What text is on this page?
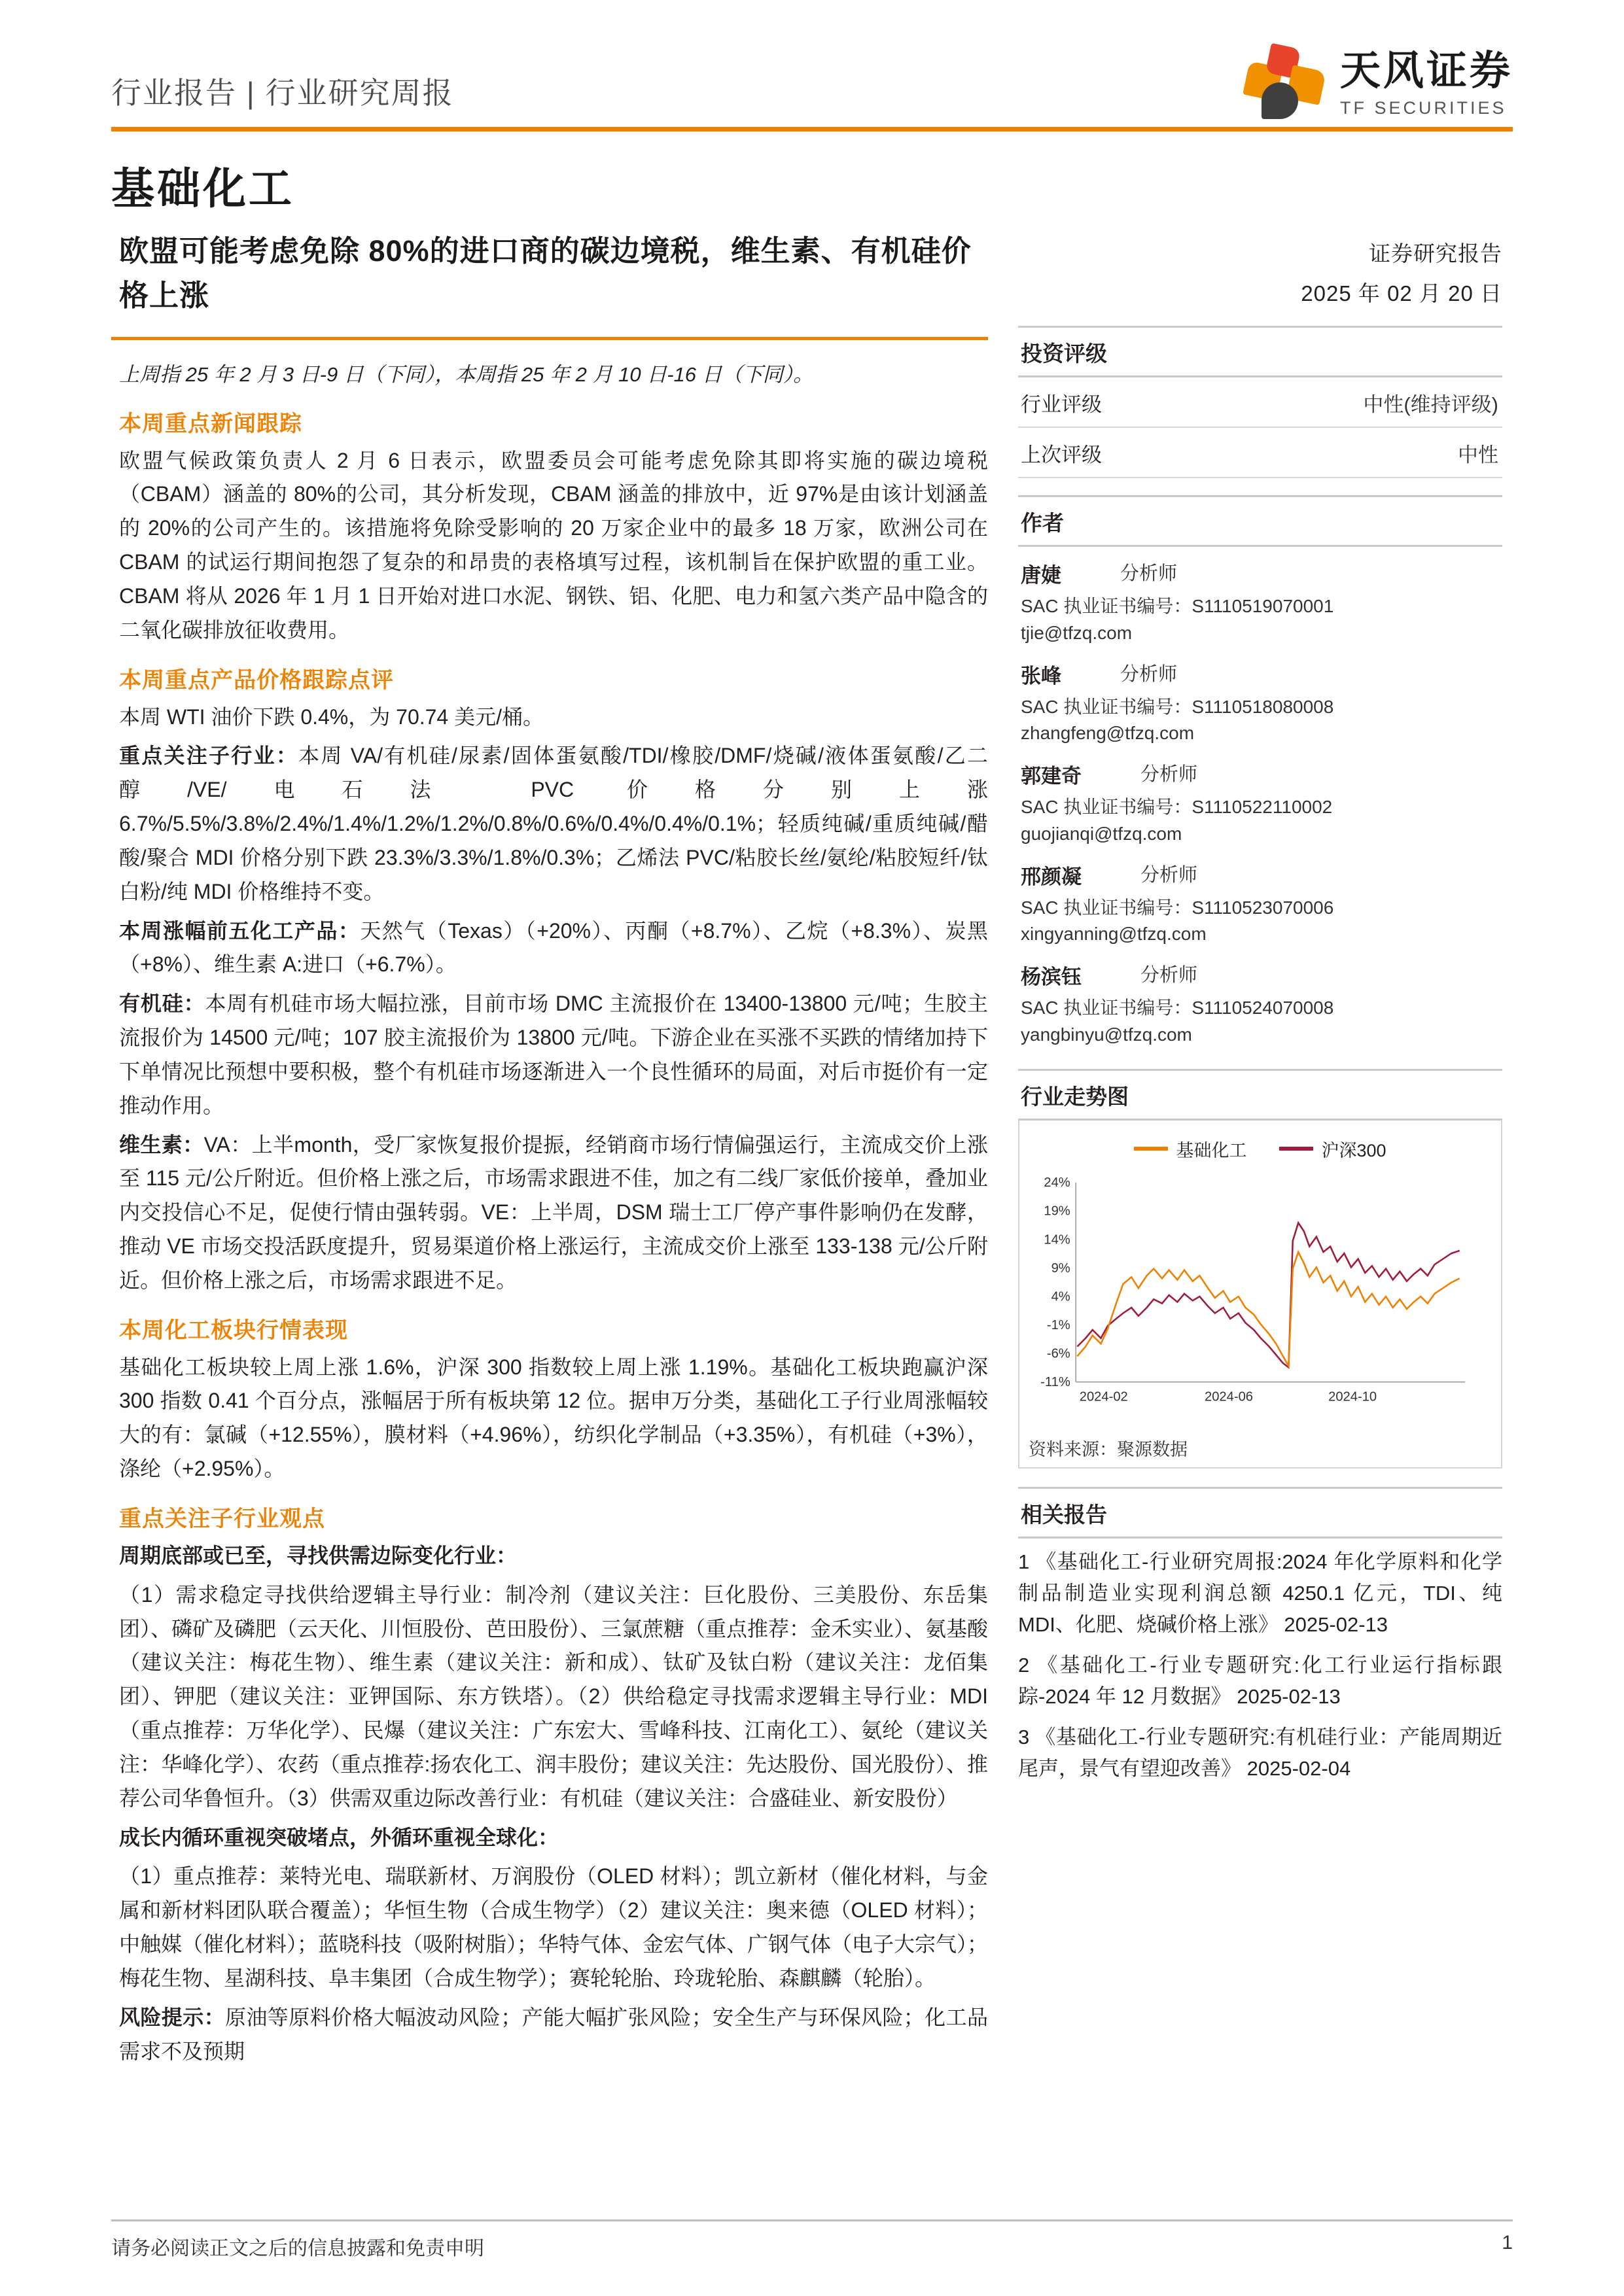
行业报告 | 行业研究周报	天风证券
TF SECURITIES
基础化工
欧盟可能考虑免除 80%的进口商的碳边境税，维生素、有机硅价格上涨
上周指 25 年 2 月 3 日-9 日（下同），本周指 25 年 2 月 10 日-16 日（下同）。
本周重点新闻跟踪

欧盟气候政策负责人 2 月 6 日表示，欧盟委员会可能考虑免除其即将实施的碳边境税（CBAM）涵盖的 80%的公司，其分析发现，CBAM 涵盖的排放中，近 97%是由该计划涵盖的 20%的公司产生的。该措施将免除受影响的 20 万家企业中的最多 18 万家，欧洲公司在 CBAM 的试运行期间抱怨了复杂的和昂贵的表格填写过程，该机制旨在保护欧盟的重工业。CBAM 将从 2026 年 1 月 1 日开始对进口水泥、钢铁、铝、化肥、电力和氢六类产品中隐含的二氧化碳排放征收费用。

本周重点产品价格跟踪点评

本周 WTI 油价下跌 0.4%，为 70.74 美元/桶。

重点关注子行业：本周 VA/有机硅/尿素/固体蛋氨酸/TDI/橡胶/DMF/烧碱/液体蛋氨酸/乙二醇/VE/电石法 PVC 价格分别上涨 6.7%/5.5%/3.8%/2.4%/1.4%/1.2%/1.2%/0.8%/0.6%/0.4%/0.4%/0.1%；轻质纯碱/重质纯碱/醋酸/聚合 MDI 价格分别下跌 23.3%/3.3%/1.8%/0.3%；乙烯法 PVC/粘胶长丝/氨纶/粘胶短纤/钛白粉/纯 MDI 价格维持不变。

本周涨幅前五化工产品：天然气（Texas）（+20%）、丙酮（+8.7%）、乙烷（+8.3%）、炭黑（+8%）、维生素 A:进口（+6.7%）。

有机硅：本周有机硅市场大幅拉涨，目前市场 DMC 主流报价在 13400-13800 元/吨；生胶主流报价为 14500 元/吨；107 胶主流报价为 13800 元/吨。下游企业在买涨不买跌的情绪加持下下单情况比预想中要积极，整个有机硅市场逐渐进入一个良性循环的局面，对后市挺价有一定推动作用。

维生素：VA：上半month，受厂家恢复报价提振，经销商市场行情偏强运行，主流成交价上涨至 115 元/公斤附近。但价格上涨之后，市场需求跟进不佳，加之有二线厂家低价接单，叠加业内交投信心不足，促使行情由强转弱。VE：上半周，DSM 瑞士工厂停产事件影响仍在发酵，推动 VE 市场交投活跃度提升，贸易渠道价格上涨运行，主流成交价上涨至 133-138 元/公斤附近。但价格上涨之后，市场需求跟进不足。

本周化工板块行情表现

基础化工板块较上周上涨 1.6%，沪深 300 指数较上周上涨 1.19%。基础化工板块跑赢沪深 300 指数 0.41 个百分点，涨幅居于所有板块第 12 位。据申万分类，基础化工子行业周涨幅较大的有：氯碱（+12.55%），膜材料（+4.96%），纺织化学制品（+3.35%），有机硅（+3%），涤纶（+2.95%）。

重点关注子行业观点

周期底部或已至，寻找供需边际变化行业：

（1）需求稳定寻找供给逻辑主导行业：制冷剂（建议关注：巨化股份、三美股份、东岳集团）、磷矿及磷肥（云天化、川恒股份、芭田股份）、三氯蔗糖（重点推荐：金禾实业）、氨基酸（建议关注：梅花生物）、维生素（建议关注：新和成）、钛矿及钛白粉（建议关注：龙佰集团）、钾肥（建议关注：亚钾国际、东方铁塔）。（2）供给稳定寻找需求逻辑主导行业：MDI（重点推荐：万华化学）、民爆（建议关注：广东宏大、雪峰科技、江南化工）、氨纶（建议关注：华峰化学）、农药（重点推荐:扬农化工、润丰股份；建议关注：先达股份、国光股份）、推荐公司华鲁恒升。（3）供需双重边际改善行业：有机硅（建议关注：合盛硅业、新安股份）

成长内循环重视突破堵点，外循环重视全球化：

（1）重点推荐：莱特光电、瑞联新材、万润股份（OLED 材料）；凯立新材（催化材料，与金属和新材料团队联合覆盖）；华恒生物（合成生物学）（2）建议关注：奥来德（OLED 材料）；中触媒（催化材料）；蓝晓科技（吸附树脂）；华特气体、金宏气体、广钢气体（电子大宗气）；梅花生物、星湖科技、阜丰集团（合成生物学）；赛轮轮胎、玲珑轮胎、森麒麟（轮胎）。

风险提示：原油等原料价格大幅波动风险；产能大幅扩张风险；安全生产与环保风险；化工品需求不及预期

证券研究报告
2025 年 02 月 20 日
投资评级
行业评级	中性(维持评级)
上次评级	中性
作者
唐婕	分析师
SAC 执业证书编号：S1110519070001
tjie@tfzq.com
张峰	分析师
SAC 执业证书编号：S1110518080008
zhangfeng@tfzq.com
郭建奇	分析师
SAC 执业证书编号：S1110522110002
guojianqi@tfzq.com
邢颜凝	分析师
SAC 执业证书编号：S1110523070006
xingyanning@tfzq.com
杨滨钰	分析师
SAC 执业证书编号：S1110524070008
yangbinyu@tfzq.com
行业走势图
基础化工	沪深300
24%
19%
14%
9%
4%
-1%
-6%
-11%
2024-02	2024-06	2024-10
资料来源：聚源数据
相关报告
1 《基础化工-行业研究周报:2024 年化学原料和化学制品制造业实现利润总额 4250.1 亿元，TDI、纯 MDI、化肥、烧碱价格上涨》 2025-02-13
2 《基础化工-行业专题研究:化工行业运行指标跟踪-2024 年 12 月数据》 2025-02-13
3 《基础化工-行业专题研究:有机硅行业：产能周期近尾声，景气有望迎改善》 2025-02-04
请务必阅读正文之后的信息披露和免责申明	1
